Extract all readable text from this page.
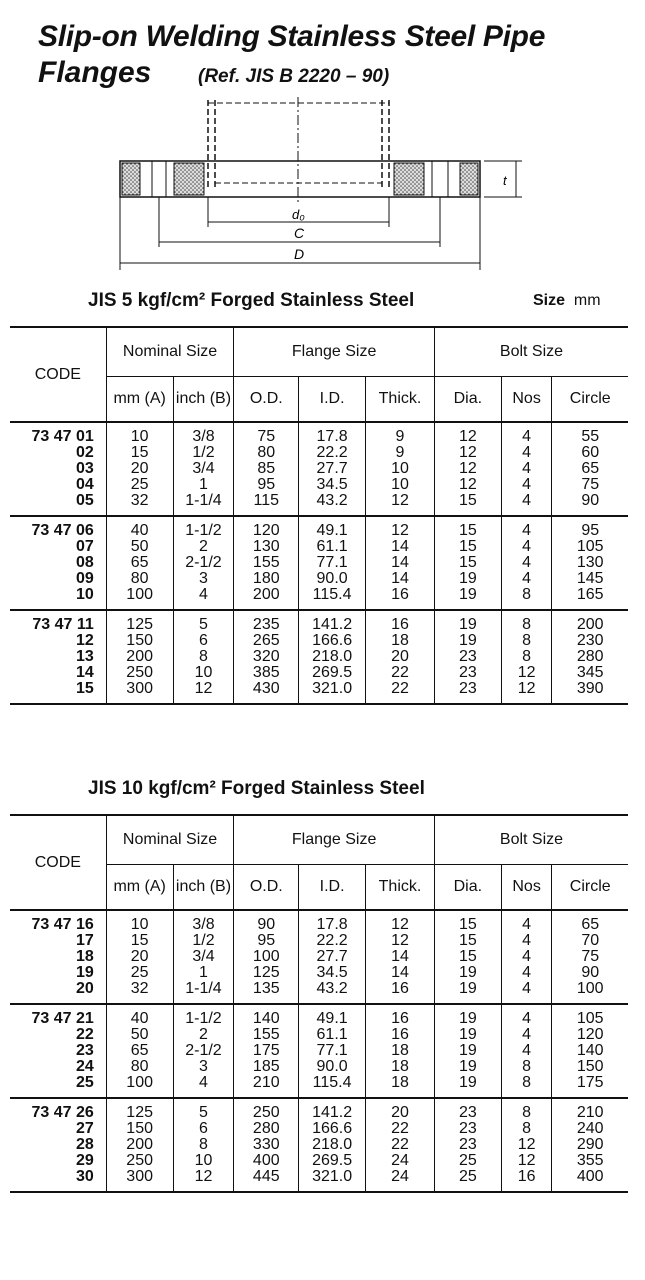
Slip-on Welding Stainless Steel Pipe
Flanges (Ref. JIS B 2220 – 90)
t
d₀
C
D
JIS 5 kgf/cm² Forged Stainless Steel	Size mm
CODE	Nominal Size		Flange Size			Bolt Size		
	mm (A)	inch (B)	O.D.	I.D.	Thick.	Dia.	Nos	Circle
73 47 01	10	3/8	75	17.8	9	12	4	55
02	15	1/2	80	22.2	9	12	4	60
03	20	3/4	85	27.7	10	12	4	65
04	25	1	95	34.5	10	12	4	75
05	32	1-1/4	115	43.2	12	15	4	90
73 47 06	40	1-1/2	120	49.1	12	15	4	95
07	50	2	130	61.1	14	15	4	105
08	65	2-1/2	155	77.1	14	15	4	130
09	80	3	180	90.0	14	19	4	145
10	100	4	200	115.4	16	19	8	165
73 47 11	125	5	235	141.2	16	19	8	200
12	150	6	265	166.6	18	19	8	230
13	200	8	320	218.0	20	23	8	280
14	250	10	385	269.5	22	23	12	345
15	300	12	430	321.0	22	23	12	390
JIS 10 kgf/cm² Forged Stainless Steel
CODE	Nominal Size		Flange Size			Bolt Size		
	mm (A)	inch (B)	O.D.	I.D.	Thick.	Dia.	Nos	Circle
73 47 16	10	3/8	90	17.8	12	15	4	65
17	15	1/2	95	22.2	12	15	4	70
18	20	3/4	100	27.7	14	15	4	75
19	25	1	125	34.5	14	19	4	90
20	32	1-1/4	135	43.2	16	19	4	100
73 47 21	40	1-1/2	140	49.1	16	19	4	105
22	50	2	155	61.1	16	19	4	120
23	65	2-1/2	175	77.1	18	19	4	140
24	80	3	185	90.0	18	19	8	150
25	100	4	210	115.4	18	19	8	175
73 47 26	125	5	250	141.2	20	23	8	210
27	150	6	280	166.6	22	23	8	240
28	200	8	330	218.0	22	23	12	290
29	250	10	400	269.5	24	25	12	355
30	300	12	445	321.0	24	25	16	400
